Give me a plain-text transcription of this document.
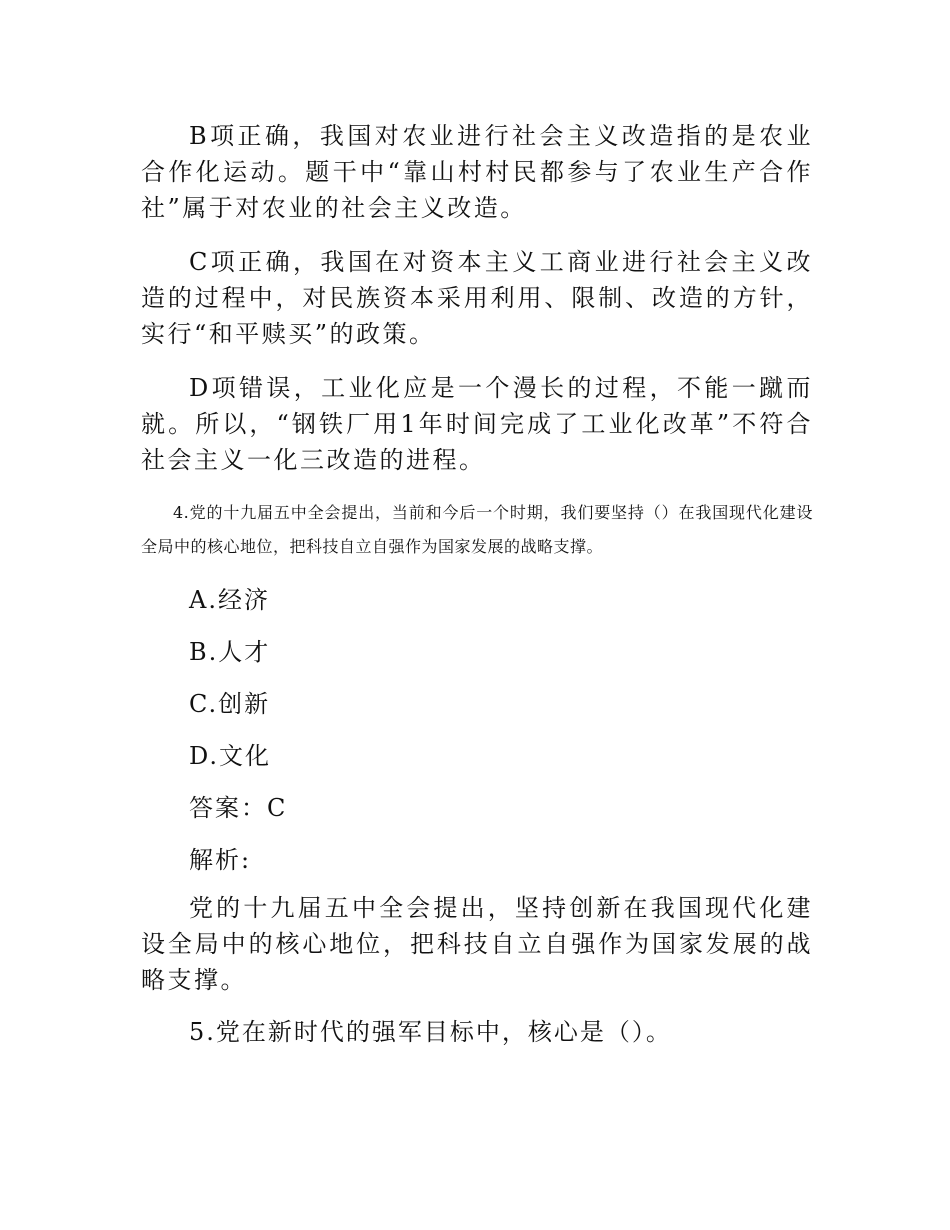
B项正确，我国对农业进行社会主义改造指的是农业合作化运动。题干中“靠山村村民都参与了农业生产合作社”属于对农业的社会主义改造。

C项正确，我国在对资本主义工商业进行社会主义改造的过程中，对民族资本采用利用、限制、改造的方针，实行“和平赎买”的政策。

D项错误，工业化应是一个漫长的过程，不能一蹴而就。所以，“钢铁厂用1年时间完成了工业化改革”不符合社会主义一化三改造的进程。

4.党的十九届五中全会提出，当前和今后一个时期，我们要坚持（）在我国现代化建设全局中的核心地位，把科技自立自强作为国家发展的战略支撑。

A.经济

B.人才

C.创新

D.文化

答案：C

解析:

党的十九届五中全会提出，坚持创新在我国现代化建设全局中的核心地位，把科技自立自强作为国家发展的战略支撑。

5.党在新时代的强军目标中，核心是（）。
